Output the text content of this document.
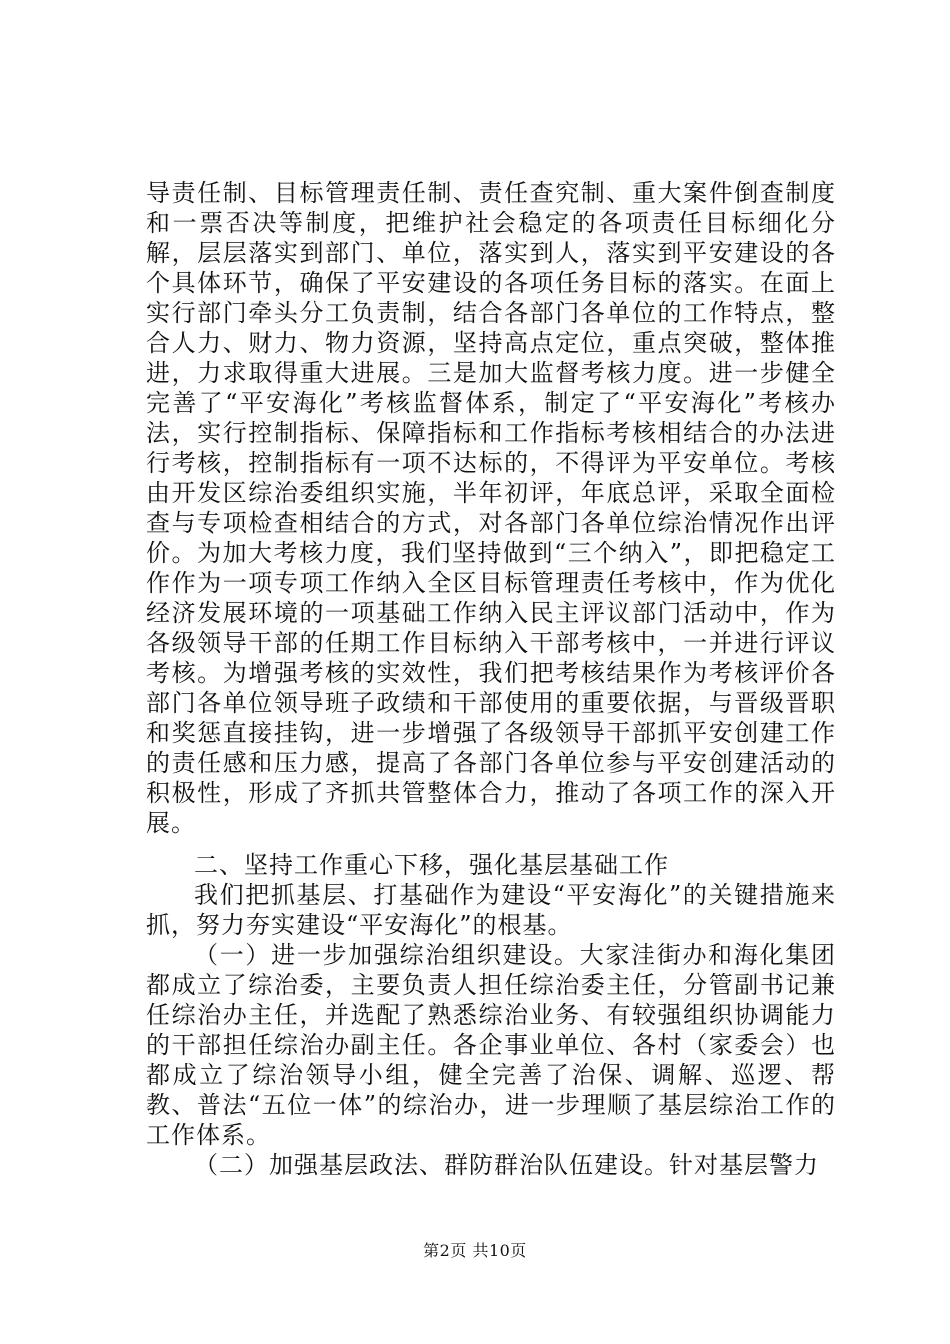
导责任制、目标管理责任制、责任查究制、重大案件倒查制度和一票否决等制度，把维护社会稳定的各项责任目标细化分解，层层落实到部门、单位，落实到人，落实到平安建设的各个具体环节，确保了平安建设的各项任务目标的落实。在面上实行部门牵头分工负责制，结合各部门各单位的工作特点，整合人力、财力、物力资源，坚持高点定位，重点突破，整体推进，力求取得重大进展。三是加大监督考核力度。进一步健全完善了“平安海化”考核监督体系，制定了“平安海化”考核办法，实行控制指标、保障指标和工作指标考核相结合的办法进行考核，控制指标有一项不达标的，不得评为平安单位。考核由开发区综治委组织实施，半年初评，年底总评，采取全面检查与专项检查相结合的方式，对各部门各单位综治情况作出评价。为加大考核力度，我们坚持做到“三个纳入”，即把稳定工作作为一项专项工作纳入全区目标管理责任考核中，作为优化经济发展环境的一项基础工作纳入民主评议部门活动中，作为各级领导干部的任期工作目标纳入干部考核中，一并进行评议考核。为增强考核的实效性，我们把考核结果作为考核评价各部门各单位领导班子政绩和干部使用的重要依据，与晋级晋职和奖惩直接挂钩，进一步增强了各级领导干部抓平安创建工作的责任感和压力感，提高了各部门各单位参与平安创建活动的积极性，形成了齐抓共管整体合力，推动了各项工作的深入开展。

二、坚持工作重心下移，强化基层基础工作

我们把抓基层、打基础作为建设“平安海化”的关键措施来抓，努力夯实建设“平安海化”的根基。

（一）进一步加强综治组织建设。大家洼街办和海化集团都成立了综治委，主要负责人担任综治委主任，分管副书记兼任综治办主任，并选配了熟悉综治业务、有较强组织协调能力的干部担任综治办副主任。各企事业单位、各村（家委会）也都成立了综治领导小组，健全完善了治保、调解、巡逻、帮教、普法“五位一体”的综治办，进一步理顺了基层综治工作的工作体系。

（二）加强基层政法、群防群治队伍建设。针对基层警力

第2页 共10页
